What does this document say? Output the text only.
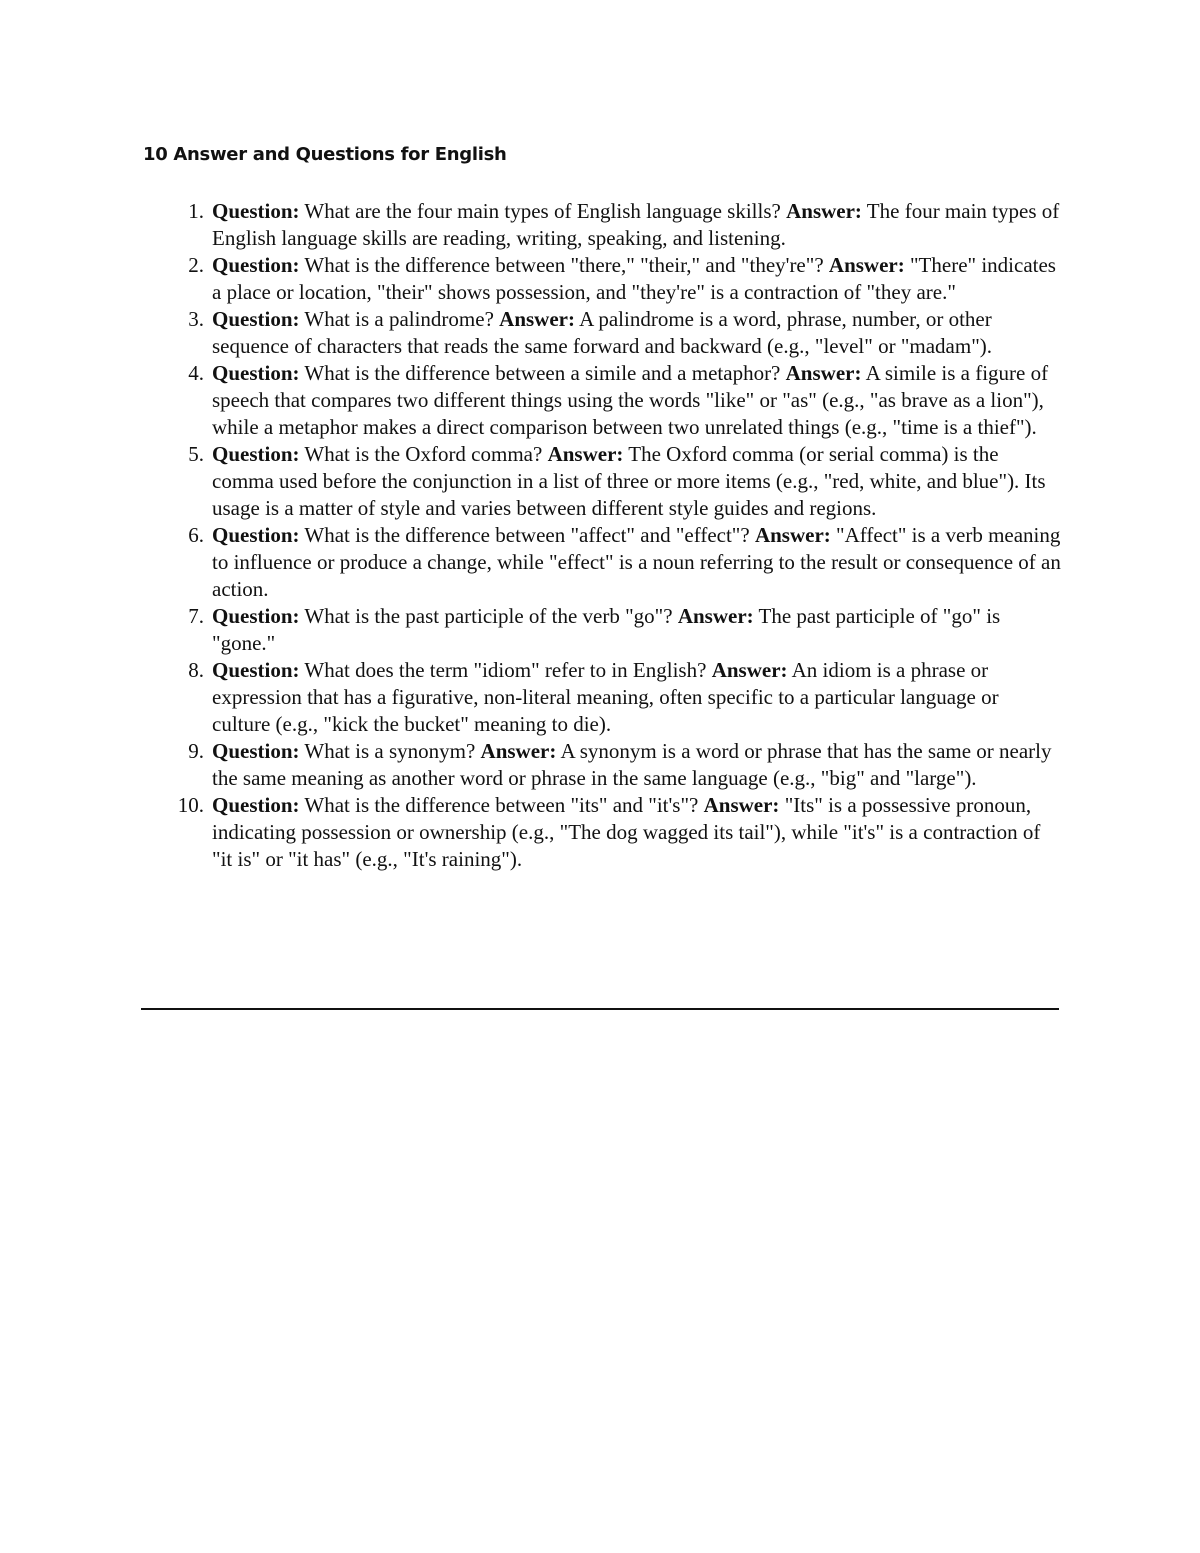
10 Answer and Questions for English
1. Question: What are the four main types of English language skills? Answer: The four main types of English language skills are reading, writing, speaking, and listening.
2. Question: What is the difference between "there," "their," and "they're"? Answer: "There" indicates a place or location, "their" shows possession, and "they're" is a contraction of "they are."
3. Question: What is a palindrome? Answer: A palindrome is a word, phrase, number, or other sequence of characters that reads the same forward and backward (e.g., "level" or "madam").
4. Question: What is the difference between a simile and a metaphor? Answer: A simile is a figure of speech that compares two different things using the words "like" or "as" (e.g., "as brave as a lion"), while a metaphor makes a direct comparison between two unrelated things (e.g., "time is a thief").
5. Question: What is the Oxford comma? Answer: The Oxford comma (or serial comma) is the comma used before the conjunction in a list of three or more items (e.g., "red, white, and blue"). Its usage is a matter of style and varies between different style guides and regions.
6. Question: What is the difference between "affect" and "effect"? Answer: "Affect" is a verb meaning to influence or produce a change, while "effect" is a noun referring to the result or consequence of an action.
7. Question: What is the past participle of the verb "go"? Answer: The past participle of "go" is "gone."
8. Question: What does the term "idiom" refer to in English? Answer: An idiom is a phrase or expression that has a figurative, non-literal meaning, often specific to a particular language or culture (e.g., "kick the bucket" meaning to die).
9. Question: What is a synonym? Answer: A synonym is a word or phrase that has the same or nearly the same meaning as another word or phrase in the same language (e.g., "big" and "large").
10. Question: What is the difference between "its" and "it's"? Answer: "Its" is a possessive pronoun, indicating possession or ownership (e.g., "The dog wagged its tail"), while "it's" is a contraction of "it is" or "it has" (e.g., "It's raining").
